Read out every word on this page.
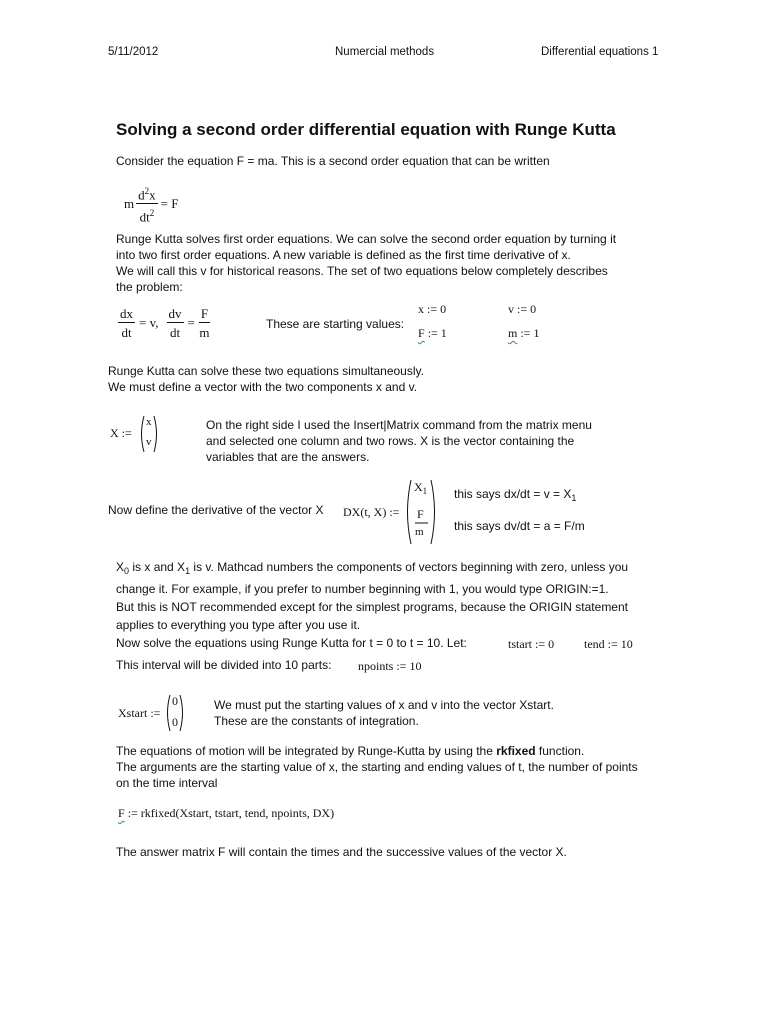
5/11/2012	Numercial methods	Differential equations 1
Solving a second order differential equation with Runge Kutta
Consider the equation F = ma. This is a second order equation that can be written
m $\frac{d^2x}{dt^2} = F$
Runge Kutta solves first order equations. We can solve the second order equation by turning it
into two first order equations. A new variable is defined as the first time derivative of x.
We will call this v for historical reasons. The set of two equations below completely describes
the problem:
$\frac{dx}{dt} = v$, $\frac{dv}{dt} = \frac{F}{m}$	These are starting values:
x := 0	v := 0
F := 1	m := 1
Runge Kutta can solve these two equations simultaneously.
We must define a vector with the two components x and v.
X :=
x
v
On the right side I used the Insert|Matrix command from the matrix menu
and selected one column and two rows. X is the vector containing the
variables that are the answers.
Now define the derivative of the vector X DX(t, X) :=
$X_1$
F
m
this says $dx/dt = v = X_1$
this says dv/dt = a = F/m
$X_0$ is x and $X_1$ is v. Mathcad numbers the components of vectors beginning with zero, unless you
change it. For example, if you prefer to number beginning with 1, you would type ORIGIN:=1.
But this is NOT recommended except for the simplest programs, because the ORIGIN statement
applies to everything you type after you use it.
Now solve the equations using Runge Kutta for t = 0 to t = 10. Let:	tstart := 0 tend := 10
This interval will be divided into 10 parts: npoints := 10
Xstart :=
0
0
We must put the starting values of x and v into the vector Xstart.
These are the constants of integration.
The equations of motion will be integrated by Runge-Kutta by using the rkfixed function.
The arguments are the starting value of x, the starting and ending values of t, the number of points
on the time interval
F := rkfixed(Xstart, tstart, tend, npoints, DX)
The answer matrix F will contain the times and the successive values of the vector X.
